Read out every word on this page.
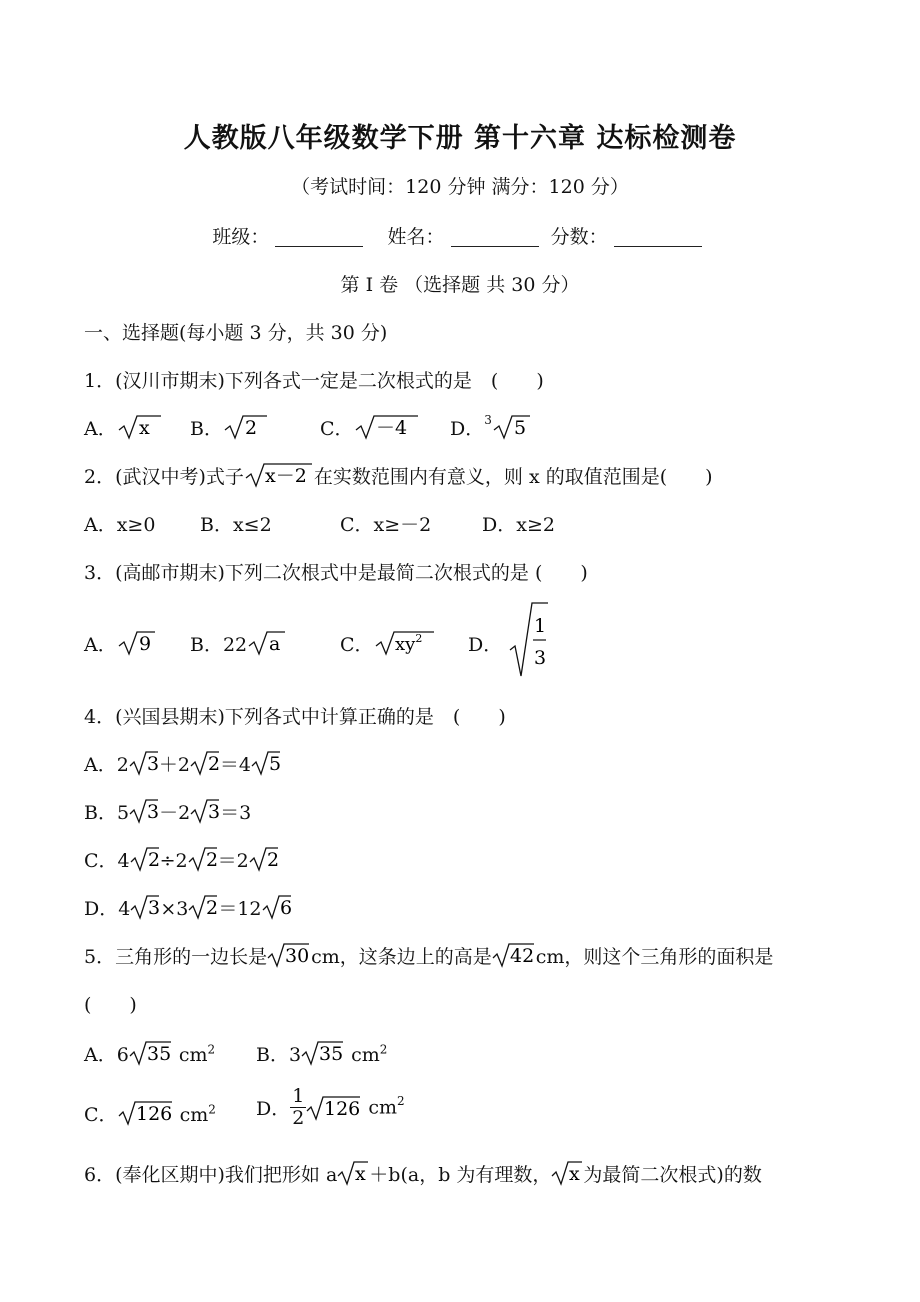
人教版八年级数学下册 第十六章 达标检测卷
（考试时间：120 分钟 满分：120 分）
班级：	姓名：	分数：
第 I 卷 （选择题 共 30 分）
一、选择题(每小题 3 分，共 30 分)
1．(汉川市期末)下列各式一定是二次根式的是　(　　)
A． x B． 2	C． －4 D．$^3$ 5
2．(武汉中考)式子 x－2 在实数范围内有意义，则 x 的取值范围是(　　)
A．x≥0 B．x≤2	C．x≥－2	D．x≥2
3．(高邮市期末)下列二次根式中是最简二次根式的是 (　　)
A． 9 B．22 a	C． $xy^2$ D．
1
3
4．(兴国县期末)下列各式中计算正确的是　(　　)
A．2 3 ＋2 2 ＝4 5
B．5 3 －2 3 ＝3
C．4 2 ÷2 2 ＝2 2
D．4 3 ×3 2 ＝12 6
5．三角形的一边长是 30 cm，这条边上的高是 42 cm，则这个三角形的面积是
(　　)
A．6 35 $cm^2$ B．3 35 $cm^2$
C． 126 $cm^2$ D． $\frac{1}{2} 126$ $cm^2$
6．(奉化区期中)我们把形如 a x ＋b(a，b 为有理数， x 为最简二次根式)的数
